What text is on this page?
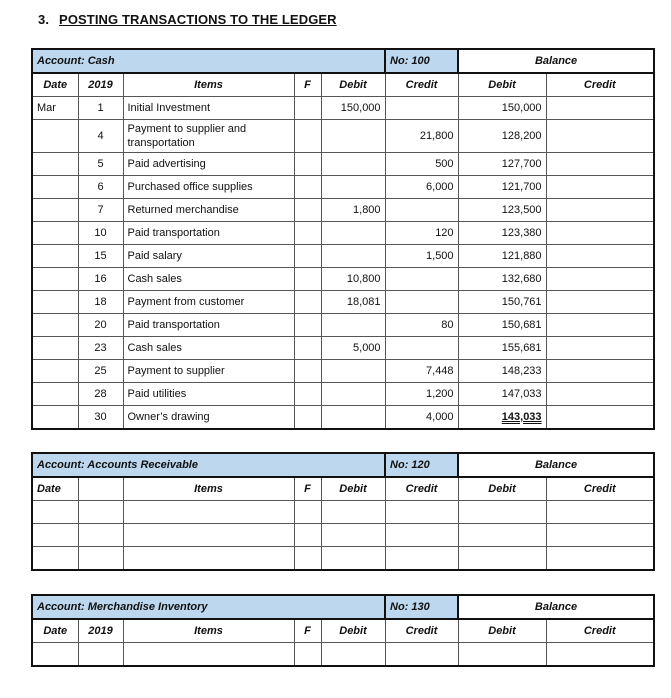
3. POSTING TRANSACTIONS TO THE LEDGER
Account: Cash					No: 100	Balance	
Date	2019	Items	F	Debit	Credit	Debit	Credit
Mar	1	Initial Investment		150,000		150,000	
	4	Payment to supplier and transportation			21,800	128,200	
	5	Paid advertising			500	127,700	
	6	Purchased office supplies			6,000	121,700	
	7	Returned merchandise		1,800		123,500	
	10	Paid transportation			120	123,380	
	15	Paid salary			1,500	121,880	
	16	Cash sales		10,800		132,680	
	18	Payment from customer		18,081		150,761	
	20	Paid transportation			80	150,681	
	23	Cash sales		5,000		155,681	
	25	Payment to supplier			7,448	148,233	
	28	Paid utilities			1,200	147,033	
	30	Owner’s drawing			4,000	143,033	
Account: Accounts Receivable					No: 120	Balance	
Date		Items	F	Debit	Credit	Debit	Credit

Account: Merchandise Inventory					No: 130	Balance	
Date	2019	Items	F	Debit	Credit	Debit	Credit
